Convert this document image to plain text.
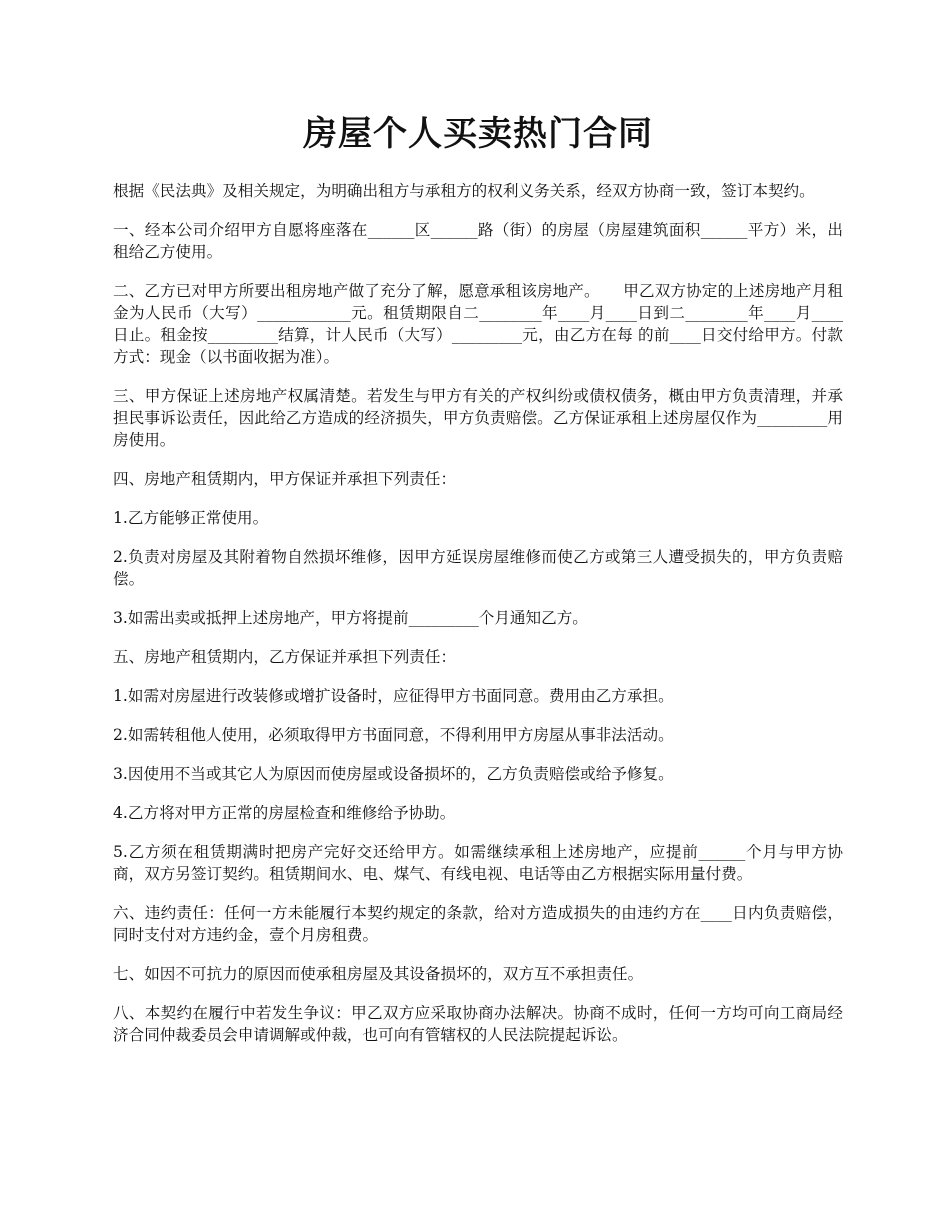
房屋个人买卖热门合同

根据《民法典》及相关规定，为明确出租方与承租方的权利义务关系，经双方协商一致，签订本契约。

一、经本公司介绍甲方自愿将座落在______区______路（街）的房屋（房屋建筑面积______平方）米，出租给乙方使用。

二、乙方已对甲方所要出租房地产做了充分了解，愿意承租该房地产。　　甲乙双方协定的上述房地产月租金为人民币（大写）____________元。租赁期限自二________年____月____日到二________年____月____日止。租金按_________结算，计人民币（大写）_________元，由乙方在每 的前____日交付给甲方。付款方式：现金（以书面收据为准）。

三、甲方保证上述房地产权属清楚。若发生与甲方有关的产权纠纷或债权债务，概由甲方负责清理，并承担民事诉讼责任，因此给乙方造成的经济损失，甲方负责赔偿。乙方保证承租上述房屋仅作为_________用房使用。

四、房地产租赁期内，甲方保证并承担下列责任：

1.乙方能够正常使用。

2.负责对房屋及其附着物自然损坏维修，因甲方延误房屋维修而使乙方或第三人遭受损失的，甲方负责赔偿。

3.如需出卖或抵押上述房地产，甲方将提前_________个月通知乙方。

五、房地产租赁期内，乙方保证并承担下列责任：

1.如需对房屋进行改装修或增扩设备时，应征得甲方书面同意。费用由乙方承担。

2.如需转租他人使用，必须取得甲方书面同意，不得利用甲方房屋从事非法活动。

3.因使用不当或其它人为原因而使房屋或设备损坏的，乙方负责赔偿或给予修复。

4.乙方将对甲方正常的房屋检查和维修给予协助。

5.乙方须在租赁期满时把房产完好交还给甲方。如需继续承租上述房地产，应提前______个月与甲方协商，双方另签订契约。租赁期间水、电、煤气、有线电视、电话等由乙方根据实际用量付费。

六、违约责任：任何一方未能履行本契约规定的条款，给对方造成损失的由违约方在____日内负责赔偿，同时支付对方违约金，壹个月房租费。

七、如因不可抗力的原因而使承租房屋及其设备损坏的，双方互不承担责任。

八、本契约在履行中若发生争议：甲乙双方应采取协商办法解决。协商不成时，任何一方均可向工商局经济合同仲裁委员会申请调解或仲裁，也可向有管辖权的人民法院提起诉讼。
